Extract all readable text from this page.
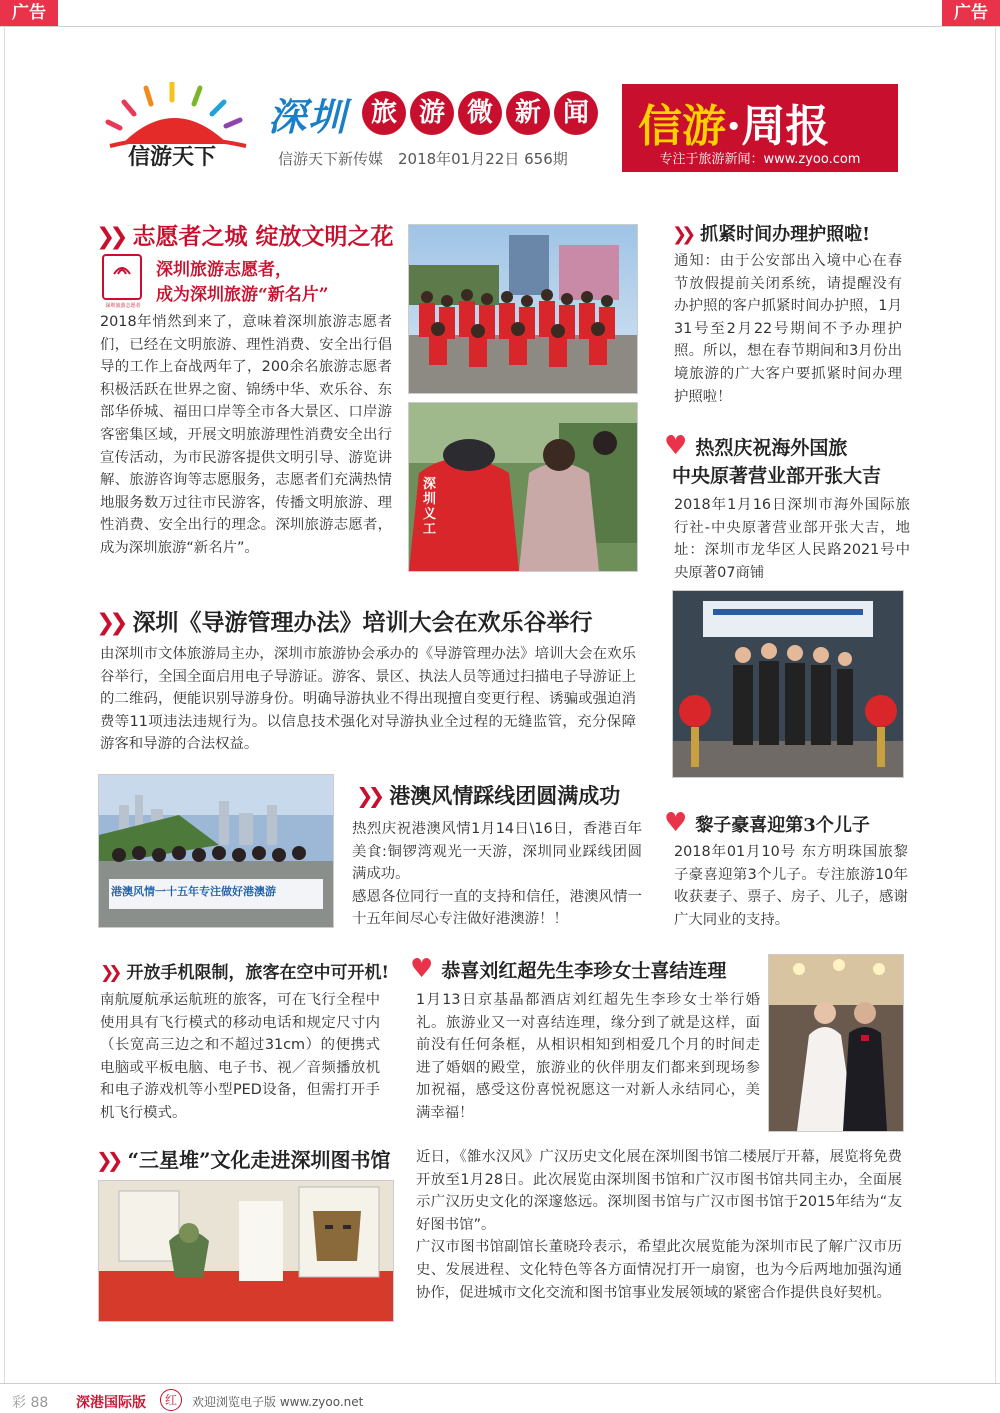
广告	广告
信游天下
深圳 旅 游 微 新 闻
信游天下新传媒　2018年01月22日 656期
信游·周报
专注于旅游新闻：www.zyoo.com
❯❯ 志愿者之城 绽放文明之花
深圳旅游志愿者
深圳旅游志愿者，
成为深圳旅游“新名片”
2018年悄然到来了，意味着深圳旅游志愿者们，已经在文明旅游、理性消费、安全出行倡导的工作上奋战两年了，200余名旅游志愿者积极活跃在世界之窗、锦绣中华、欢乐谷、东部华侨城、福田口岸等全市各大景区、口岸游客密集区域，开展文明旅游理性消费安全出行宣传活动，为市民游客提供文明引导、游览讲解、旅游咨询等志愿服务，志愿者们充满热情地服务数万过往市民游客，传播文明旅游、理性消费、安全出行的理念。深圳旅游志愿者，成为深圳旅游“新名片”。
深圳义工
❯❯ 抓紧时间办理护照啦!
通知：由于公安部出入境中心在春节放假提前关闭系统，请提醒没有办护照的客户抓紧时间办护照，1月31号至2月22号期间不予办理护照。所以，想在春节期间和3月份出境旅游的广大客户要抓紧时间办理护照啦！
♥ 热烈庆祝海外国旅
中央原著营业部开张大吉
2018年1月16日深圳市海外国际旅行社-中央原著营业部开张大吉，地址：深圳市龙华区人民路2021号中央原著07商铺
❯❯ 深圳《导游管理办法》培训大会在欢乐谷举行
由深圳市文体旅游局主办，深圳市旅游协会承办的《导游管理办法》培训大会在欢乐谷举行，全国全面启用电子导游证。游客、景区、执法人员等通过扫描电子导游证上的二维码，便能识别导游身份。明确导游执业不得出现擅自变更行程、诱骗或强迫消费等11项违法违规行为。以信息技术强化对导游执业全过程的无缝监管，充分保障游客和导游的合法权益。
港澳风情一十五年专注做好港澳游
❯❯ 港澳风情踩线团圆满成功

热烈庆祝港澳风情1月14日\16日，香港百年美食:铜锣湾观光一天游，深圳同业踩线团圆满成功。

感恩各位同行一直的支持和信任，港澳风情一十五年间尽心专注做好港澳游！！

♥ 黎子豪喜迎第3个儿子
2018年01月10号 东方明珠国旅黎子豪喜迎第3个儿子。专注旅游10年收获妻子、票子、房子、儿子，感谢广大同业的支持。
❯❯ 开放手机限制，旅客在空中可开机!
南航厦航承运航班的旅客，可在飞行全程中使用具有飞行模式的移动电话和规定尺寸内（长宽高三边之和不超过31cm）的便携式电脑或平板电脑、电子书、视／音频播放机和电子游戏机等小型PED设备，但需打开手机飞行模式。
♥ 恭喜刘红超先生李珍女士喜结连理
1月13日京基晶都酒店刘红超先生李珍女士举行婚礼。旅游业又一对喜结连理，缘分到了就是这样，面前没有任何条框，从相识相知到相爱几个月的时间走进了婚姻的殿堂，旅游业的伙伴朋友们都来到现场参加祝福，感受这份喜悦祝愿这一对新人永结同心，美满幸福！
❯❯ “三星堆”文化走进深圳图书馆 近日，《雒水汉风》广汉历史文化展在深圳图书馆二楼展厅开幕，展览将免费开放至1月28日。此次展览由深圳图书馆和广汉市图书馆共同主办，全面展示广汉历史文化的深邃悠远。深圳图书馆与广汉市图书馆于2015年结为“友好图书馆”。

广汉市图书馆副馆长董晓玲表示，希望此次展览能为深圳市民了解广汉市历史、发展进程、文化特色等各方面情况打开一扇窗，也为今后两地加强沟通协作，促进城市文化交流和图书馆事业发展领域的紧密合作提供良好契机。

彩 88 深港国际版	红	欢迎浏览电子版 www.zyoo.net
